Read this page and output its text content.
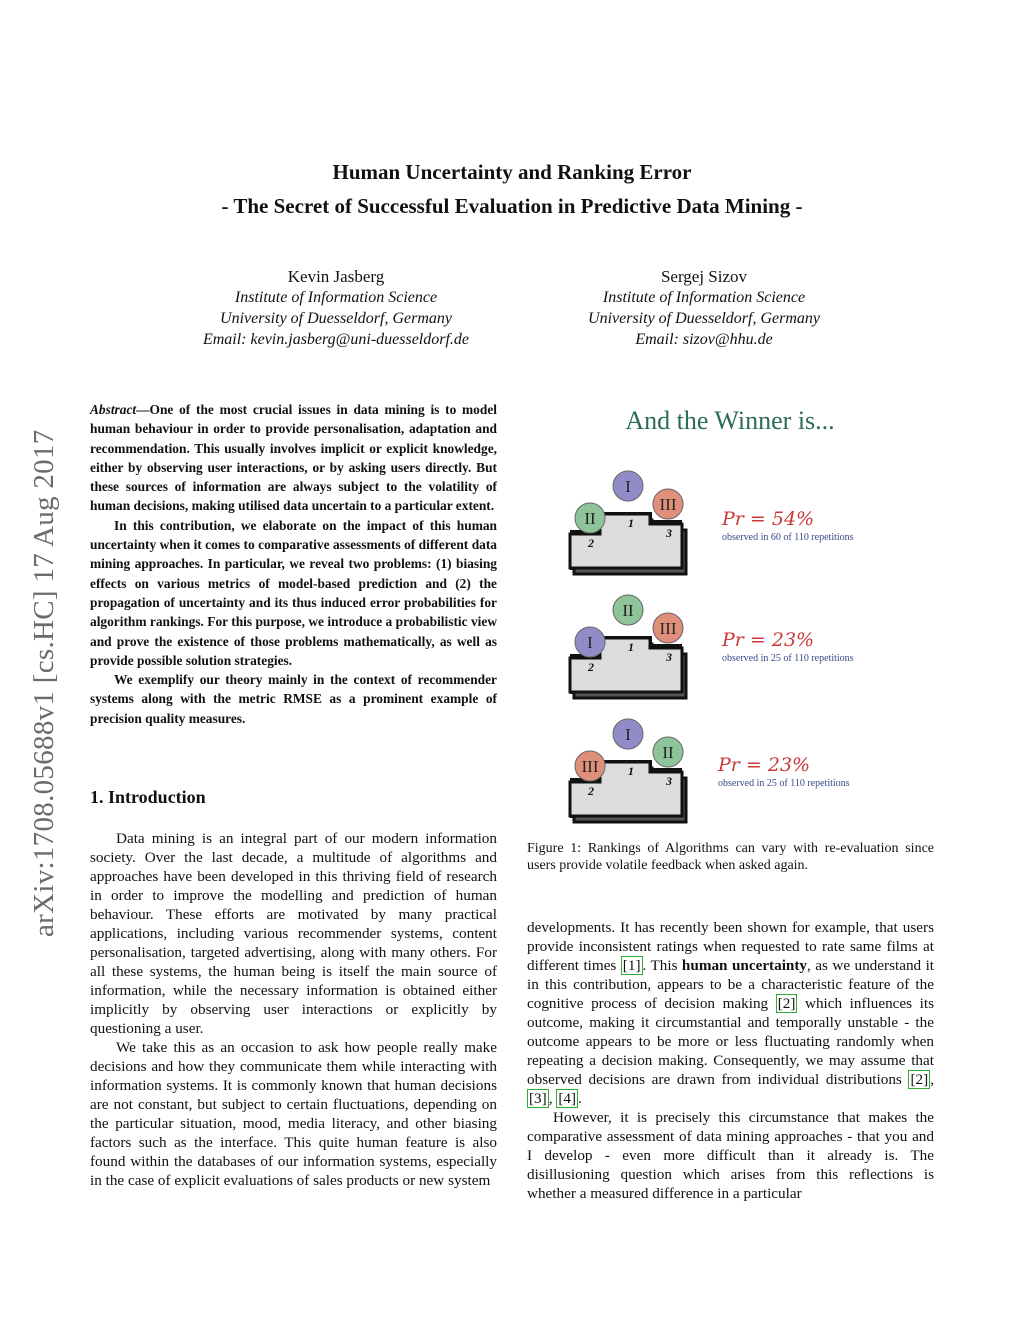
arXiv:1708.05688v1 [cs.HC] 17 Aug 2017
Human Uncertainty and Ranking Error
- The Secret of Successful Evaluation in Predictive Data Mining -
Kevin Jasberg
Institute of Information Science
University of Duesseldorf, Germany
Email: kevin.jasberg@uni-duesseldorf.de
Sergej Sizov
Institute of Information Science
University of Duesseldorf, Germany
Email: sizov@hhu.de

Abstract—One of the most crucial issues in data mining is to model human behaviour in order to provide personalisation, adaptation and recommendation. This usually involves implicit or explicit knowledge, either by observing user interactions, or by asking users directly. But these sources of information are always subject to the volatility of human decisions, making utilised data uncertain to a particular extent.

In this contribution, we elaborate on the impact of this human uncertainty when it comes to comparative assessments of different data mining approaches. In particular, we reveal two problems: (1) biasing effects on various metrics of model-based prediction and (2) the propagation of uncertainty and its thus induced error probabilities for algorithm rankings. For this purpose, we introduce a probabilistic view and prove the existence of those problems mathematically, as well as provide possible solution strategies.

We exemplify our theory mainly in the context of recommender systems along with the metric RMSE as a prominent example of precision quality measures.

1. Introduction

Data mining is an integral part of our modern information society. Over the last decade, a multitude of algorithms and approaches have been developed in this thriving field of research in order to improve the modelling and prediction of human behaviour. These efforts are motivated by many practical applications, including various recommender systems, content personalisation, targeted advertising, along with many others. For all these systems, the human being is itself the main source of information, while the necessary information is obtained either implicitly by observing user interactions or explicitly by questioning a user.

We take this as an occasion to ask how people really make decisions and how they communicate them while interacting with information systems. It is commonly known that human decisions are not constant, but subject to certain fluctuations, depending on the particular situation, mood, media literacy, and other biasing factors such as the interface. This quite human feature is also found within the databases of our information systems, especially in the case of explicit evaluations of sales products or new system

And the Winner is...
1
2
3
I
II
III
1
2
3
II
I
III
1
2
3
I
III
II
Pr = 54%
observed in 60 of 110 repetitions
Pr = 23%
observed in 25 of 110 repetitions
Pr = 23%
observed in 25 of 110 repetitions
Figure 1: Rankings of Algorithms can vary with re-evaluation since users provide volatile feedback when asked again.

developments. It has recently been shown for example, that users provide inconsistent ratings when requested to rate same films at different times [1] . This human uncertainty, as we understand it in this contribution, appears to be a characteristic feature of the cognitive process of decision making [2] which influences its outcome, making it circumstantial and temporally unstable - the outcome appears to be more or less fluctuating randomly when repeating a decision making. Consequently, we may assume that observed decisions are drawn from individual distributions [2] , [3] , [4] .

However, it is precisely this circumstance that makes the comparative assessment of data mining approaches - that you and I develop - even more difficult than it already is. The disillusioning question which arises from this reflections is whether a measured difference in a particular
